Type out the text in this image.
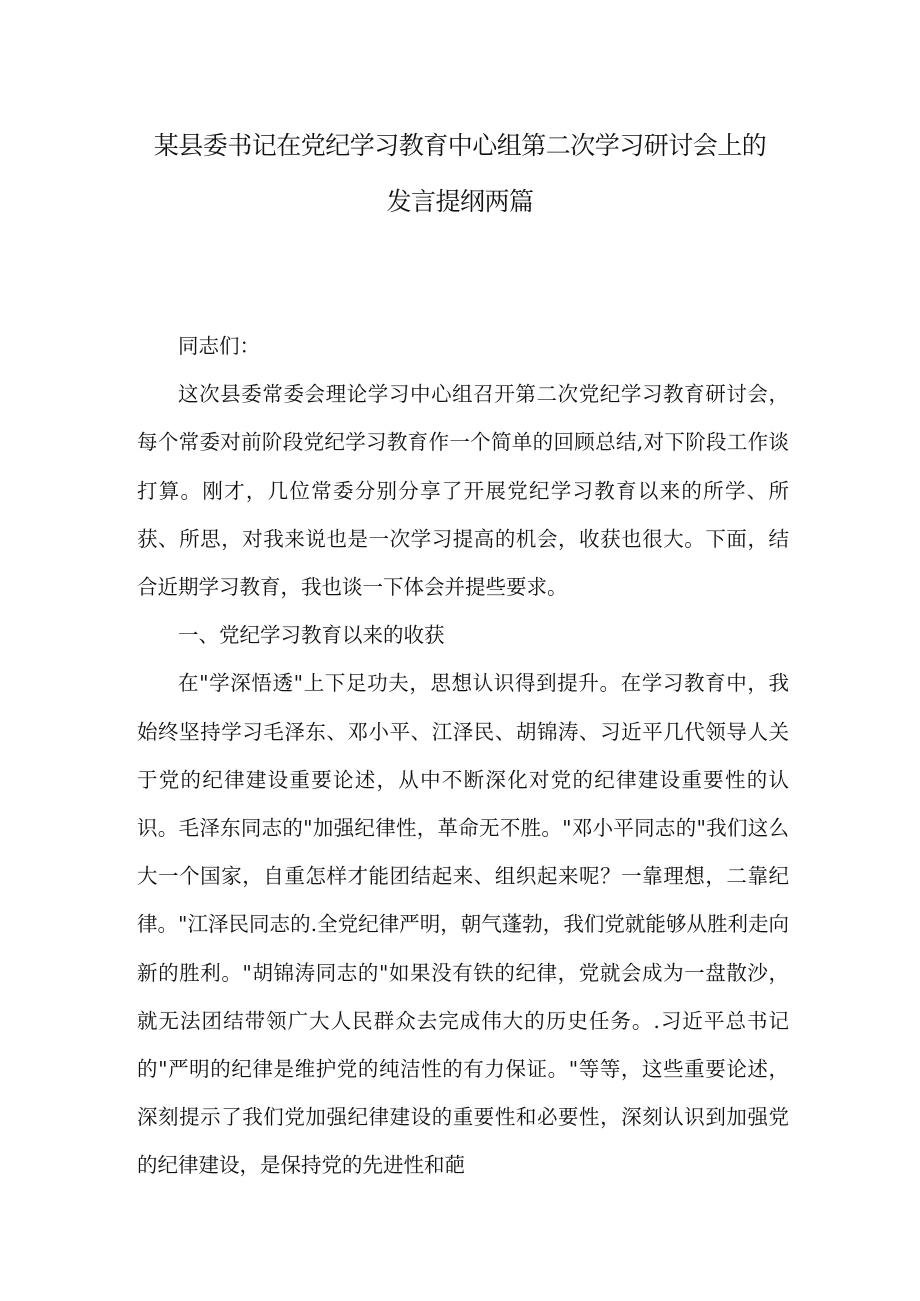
某县委书记在党纪学习教育中心组第二次学习研讨会上的
发言提纲两篇

同志们：

这次县委常委会理论学习中心组召开第二次党纪学习教育研讨会，每个常委对前阶段党纪学习教育作一个简单的回顾总结,对下阶段工作谈打算。刚才，几位常委分别分享了开展党纪学习教育以来的所学、所获、所思，对我来说也是一次学习提高的机会，收获也很大。下面，结合近期学习教育，我也谈一下体会并提些要求。

一、党纪学习教育以来的收获

在"学深悟透"上下足功夫，思想认识得到提升。在学习教育中，我始终坚持学习毛泽东、邓小平、江泽民、胡锦涛、习近平几代领导人关于党的纪律建设重要论述，从中不断深化对党的纪律建设重要性的认识。毛泽东同志的"加强纪律性，革命无不胜。"邓小平同志的"我们这么大一个国家，自重怎样才能团结起来、组织起来呢？一靠理想，二靠纪律。"江泽民同志的.全党纪律严明，朝气蓬勃，我们党就能够从胜利走向新的胜利。"胡锦涛同志的"如果没有铁的纪律，党就会成为一盘散沙，就无法团结带领广大人民群众去完成伟大的历史任务。.习近平总书记的"严明的纪律是维护党的纯洁性的有力保证。"等等，这些重要论述，深刻提示了我们党加强纪律建设的重要性和必要性，深刻认识到加强党的纪律建设，是保持党的先进性和葩
